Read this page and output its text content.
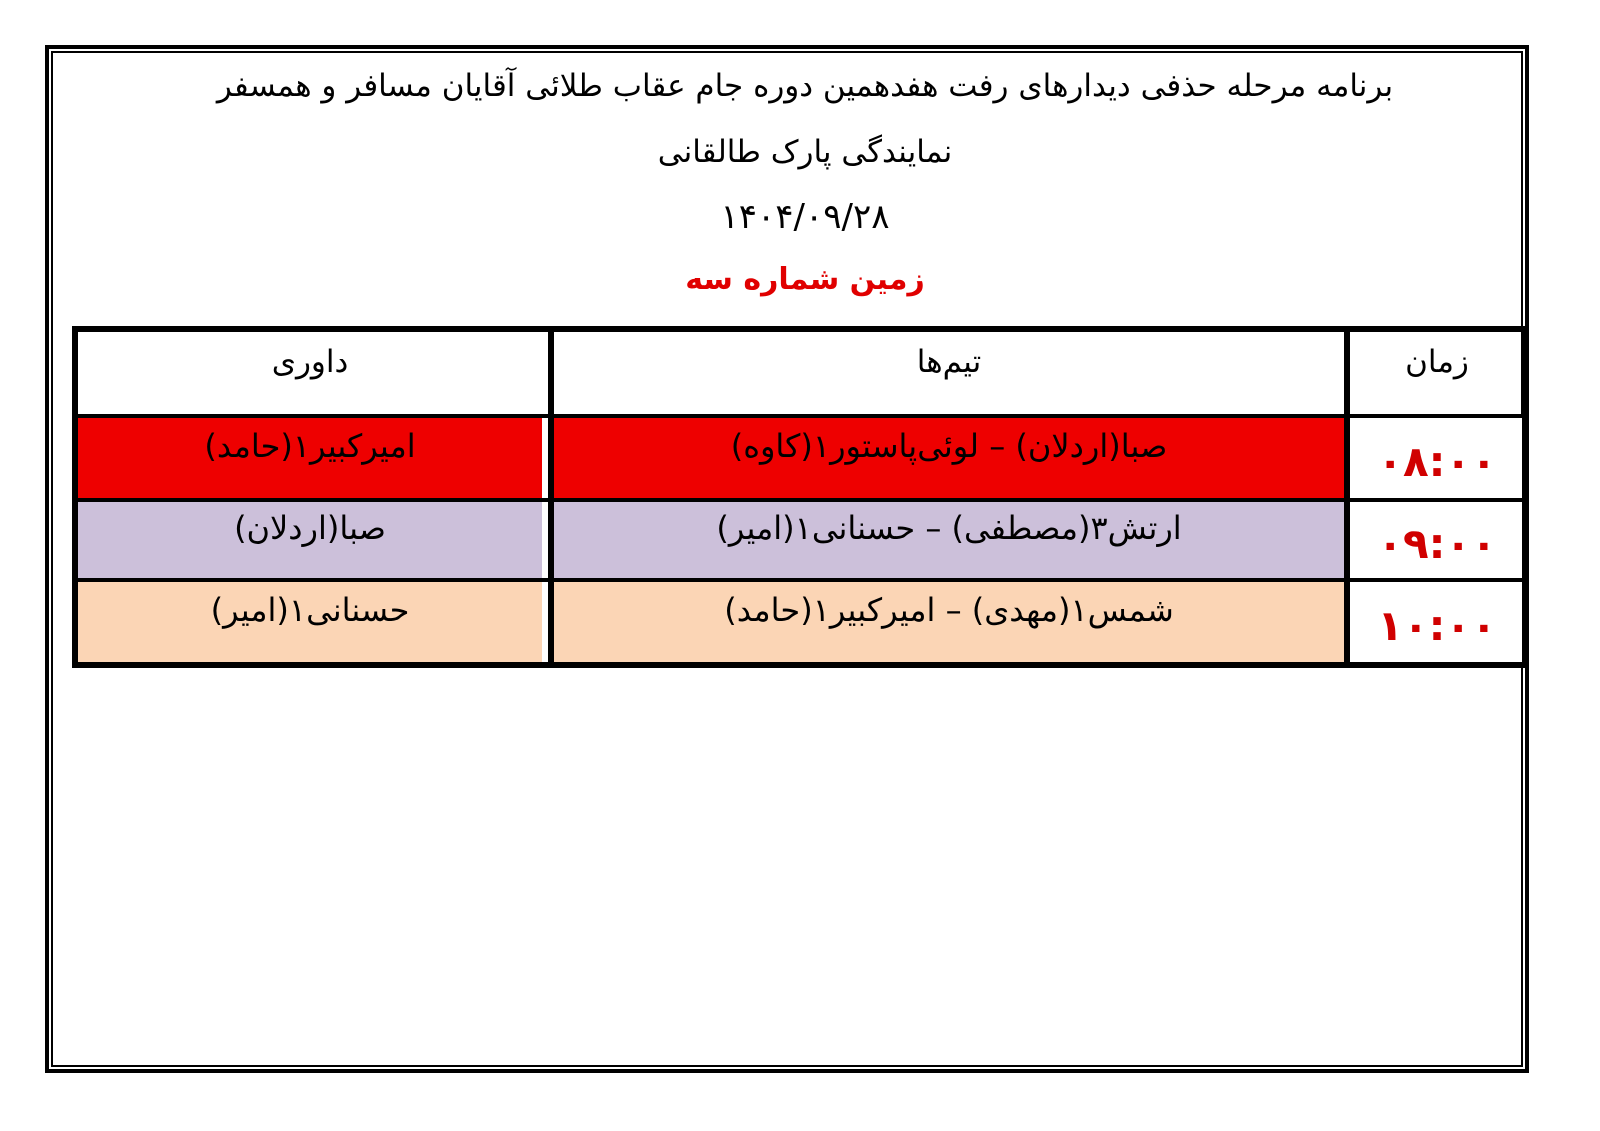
برنامه مرحله حذفی دیدارهای رفت هفدهمین دوره جام عقاب طلائی آقایان مسافر و همسفر
نمایندگی پارک طالقانی
۱۴۰۴/۰۹/۲۸
زمین شماره سه
زمان
تیم‌ها
داوری
۰۸:۰۰
صبا(اردلان) – لوئی‌پاستور۱(کاوه)
امیرکبیر۱(حامد)
۰۹:۰۰
ارتش۳(مصطفی) – حسنانی۱(امیر)
صبا(اردلان)
۱۰:۰۰
شمس۱(مهدی) – امیرکبیر۱(حامد)
حسنانی۱(امیر)
